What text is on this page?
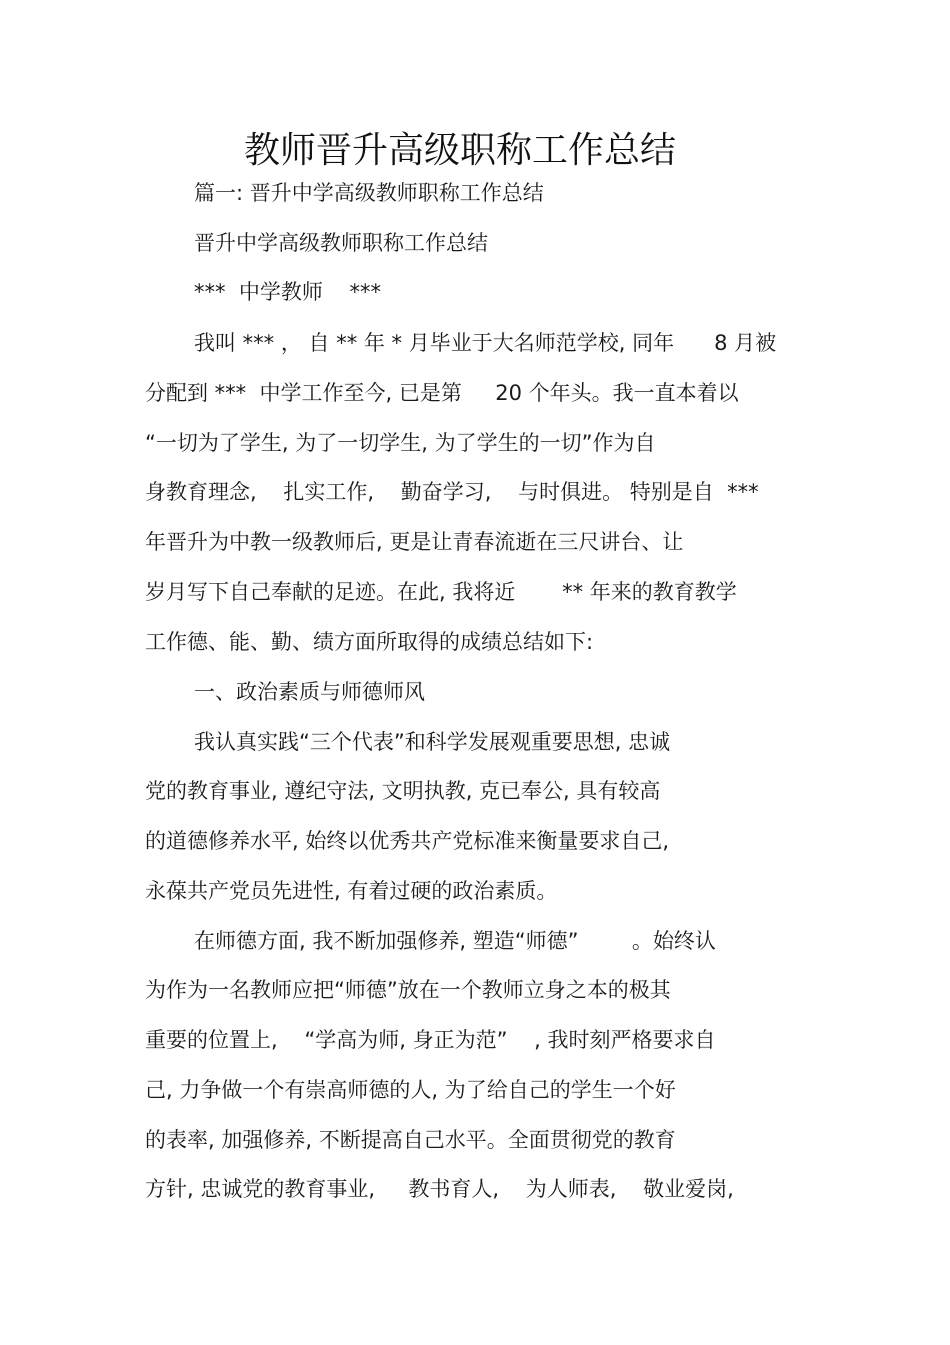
教师晋升高级职称工作总结

篇一: 晋升中学高级教师职称工作总结

晋升中学高级教师职称工作总结

***  中学教师    ***

我叫 *** ， 自 ** 年 * 月毕业于大名师范学校, 同年      8 月被

分配到 ***  中学工作至今, 已是第     20 个年头。我一直本着以

“一切为了学生, 为了一切学生, 为了学生的一切”作为自

身教育理念,    扎实工作,    勤奋学习,    与时俱进。 特别是自  ***

年晋升为中教一级教师后, 更是让青春流逝在三尺讲台、让

岁月写下自己奉献的足迹。在此, 我将近       ** 年来的教育教学

工作德、能、勤、绩方面所取得的成绩总结如下:

一、政治素质与师德师风

我认真实践“三个代表”和科学发展观重要思想, 忠诚

党的教育事业, 遵纪守法, 文明执教, 克已奉公, 具有较高

的道德修养水平, 始终以优秀共产党标准来衡量要求自己,

永葆共产党员先进性, 有着过硬的政治素质。

在师德方面, 我不断加强修养, 塑造“师德”        。始终认

为作为一名教师应把“师德”放在一个教师立身之本的极其

重要的位置上,    “学高为师, 身正为范”    , 我时刻严格要求自

己, 力争做一个有崇高师德的人, 为了给自己的学生一个好

的表率, 加强修养, 不断提高自己水平。全面贯彻党的教育

方针, 忠诚党的教育事业,     教书育人,    为人师表,    敬业爱岗,
